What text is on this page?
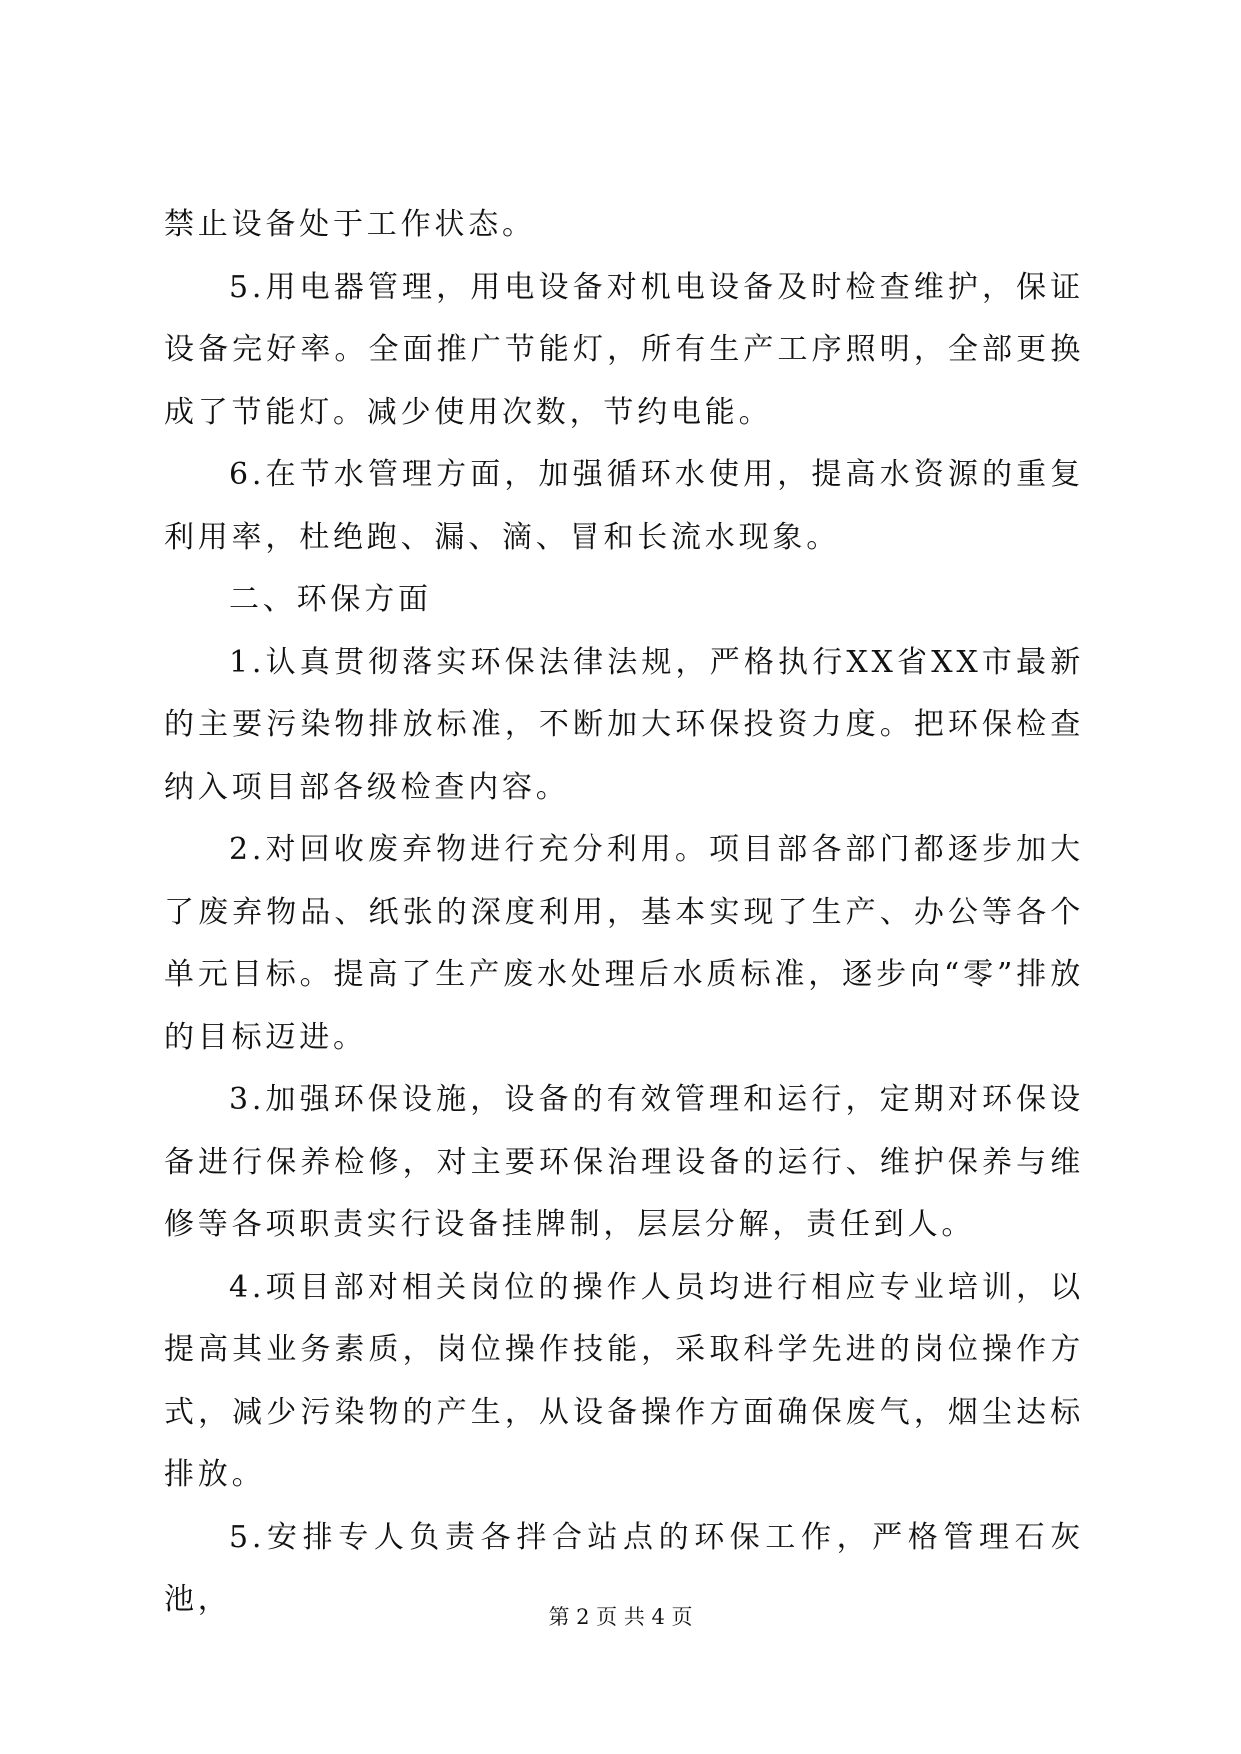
禁止设备处于工作状态。

5.用电器管理，用电设备对机电设备及时检查维护，保证设备完好率。全面推广节能灯，所有生产工序照明，全部更换成了节能灯。减少使用次数，节约电能。

6.在节水管理方面，加强循环水使用，提高水资源的重复利用率，杜绝跑、漏、滴、冒和长流水现象。

二、环保方面

1.认真贯彻落实环保法律法规，严格执行XX省XX市最新的主要污染物排放标准，不断加大环保投资力度。把环保检查纳入项目部各级检查内容。

2.对回收废弃物进行充分利用。项目部各部门都逐步加大了废弃物品、纸张的深度利用，基本实现了生产、办公等各个单元目标。提高了生产废水处理后水质标准，逐步向“零”排放的目标迈进。

3.加强环保设施，设备的有效管理和运行，定期对环保设备进行保养检修，对主要环保治理设备的运行、维护保养与维修等各项职责实行设备挂牌制，层层分解，责任到人。

4.项目部对相关岗位的操作人员均进行相应专业培训，以提高其业务素质，岗位操作技能，采取科学先进的岗位操作方式，减少污染物的产生，从设备操作方面确保废气，烟尘达标排放。

5.安排专人负责各拌合站点的环保工作，严格管理石灰池，	第 2 页 共 4 页
